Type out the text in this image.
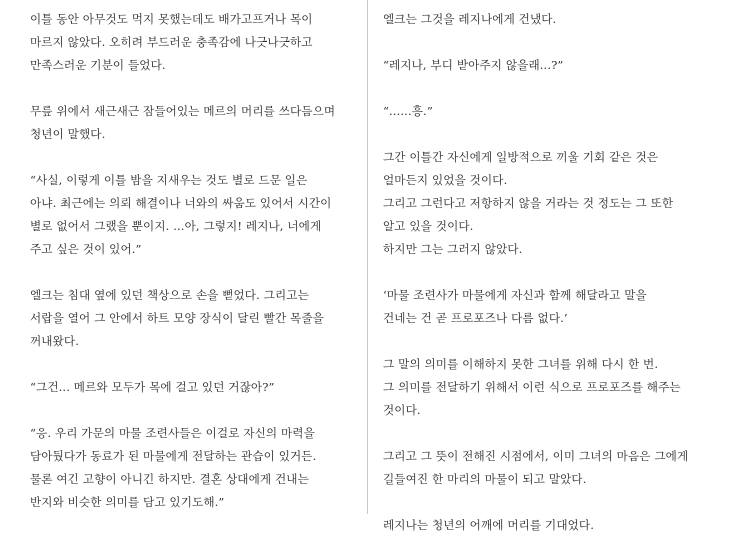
이틀 동안 아무것도 먹지 못했는데도 배가고프거나 목이
마르지 않았다. 오히려 부드러운 충족감에 나긋나긋하고
만족스러운 기분이 들었다.
무릎 위에서 새근새근 잠들어있는 메르의 머리를 쓰다듬으며
청년이 말했다.
“사실, 이렇게 이틀 밤을 지새우는 것도 별로 드문 일은
아냐. 최근에는 의뢰 해결이나 너와의 싸움도 있어서 시간이
별로 없어서 그랬을 뿐이지. ...아, 그렇지! 레지나, 너에게
주고 싶은 것이 있어.”
엘크는 침대 옆에 있던 책상으로 손을 뻗었다. 그리고는
서랍을 열어 그 안에서 하트 모양 장식이 달린 빨간 목줄을
꺼내왔다.
“그건... 메르와 모두가 목에 걸고 있던 거잖아?”
“응. 우리 가문의 마물 조련사들은 이걸로 자신의 마력을
담아뒀다가 동료가 된 마물에게 전달하는 관습이 있거든.
물론 여긴 고향이 아니긴 하지만. 결혼 상대에게 건내는
반지와 비슷한 의미를 담고 있기도해.”
엘크는 그것을 레지나에게 건냈다.
“레지나, 부디 받아주지 않을래...?”
“......흥.”
그간 이틀간 자신에게 일방적으로 끼울 기회 같은 것은
얼마든지 있었을 것이다.
그리고 그런다고 저항하지 않을 거라는 것 정도는 그 또한
알고 있을 것이다.
하지만 그는 그러지 않았다.
‘마물 조련사가 마물에게 자신과 함께 해달라고 말을
건네는 건 곧 프로포즈나 다름 없다.’
그 말의 의미를 이해하지 못한 그녀를 위해 다시 한 번.
그 의미를 전달하기 위해서 이런 식으로 프로포즈를 해주는
것이다.
그리고 그 뜻이 전해진 시점에서, 이미 그녀의 마음은 그에게
길들여진 한 마리의 마물이 되고 말았다.
레지나는 청년의 어깨에 머리를 기대었다.
